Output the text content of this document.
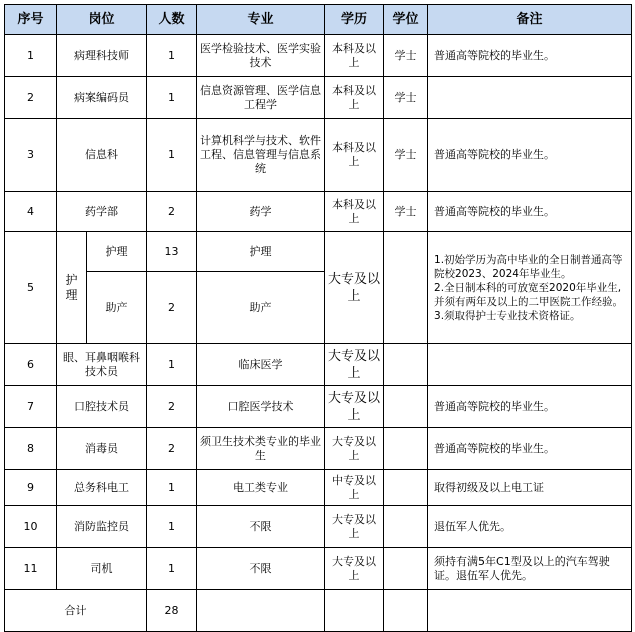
序号	岗位		人数	专业	学历	学位	备注
1	病理科技师		1	医学检验技术、医学实验技术	本科及以上	学士	普通高等院校的毕业生。
2	病案编码员		1	信息资源管理、医学信息工程学	本科及以上	学士	
3	信息科		1	计算机科学与技术、软件工程、信息管理与信息系统	本科及以上	学士	普通高等院校的毕业生。
4	药学部		2	药学	本科及以上	学士	普通高等院校的毕业生。
5	护理	护理	13	护理	大专及以上		1.初始学历为高中毕业的全日制普通高等院校2023、2024年毕业生。
2.全日制本科的可放宽至2020年毕业生,并须有两年及以上的二甲医院工作经验。
3.须取得护士专业技术资格证。
		助产	2	助产			
6	眼、耳鼻咽喉科技术员		1	临床医学	大专及以上		
7	口腔技术员		2	口腔医学技术	大专及以上		普通高等院校的毕业生。
8	消毒员		2	须卫生技术类专业的毕业生	大专及以上		普通高等院校的毕业生。
9	总务科电工		1	电工类专业	中专及以上		取得初级及以上电工证
10	消防监控员		1	不限	大专及以上		退伍军人优先。
11	司机		1	不限	大专及以上		须持有满5年C1型及以上的汽车驾驶证。退伍军人优先。
合计			28				
